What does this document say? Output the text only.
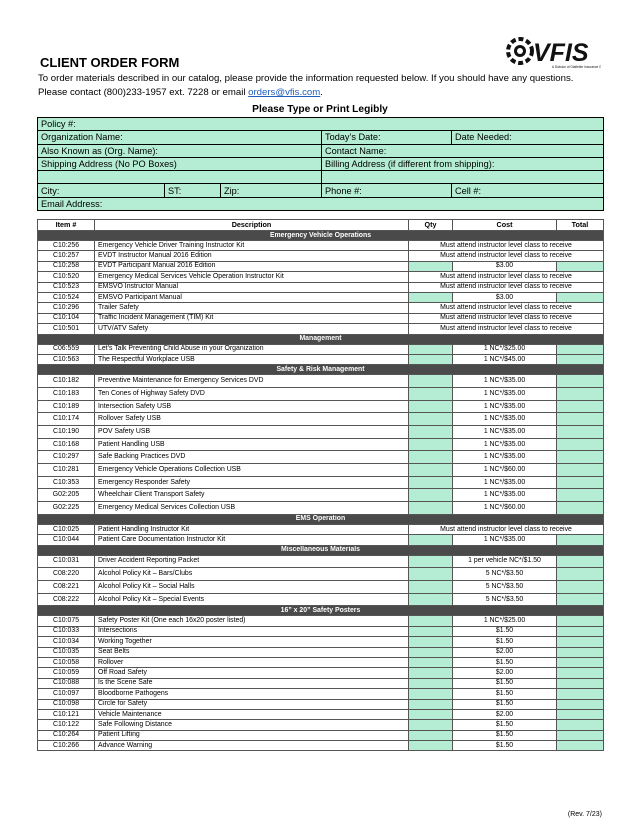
CLIENT ORDER FORM	VFIS
A Division of Glatfelter Insurance
To order materials described in our catalog, please provide the information requested below. If you should have any questions.
Please contact (800)233-1957 ext. 7228 or email orders@vfis.com.
Please Type or Print Legibly
Policy #:				
Organization Name:			Today’s Date:	Date Needed:
Also Known as (Org. Name):			Contact Name:	
Shipping Address (No PO Boxes)			Billing Address (if different from shipping):	

City:	ST:	Zip:	Phone #:	Cell #:
Email Address:				
Item #	Description	Qty	Cost	Total
Emergency Vehicle Operations				
C10:256	Emergency Vehicle Driver Training Instructor Kit	Must attend instructor level class to receive		
C10:257	EVDT Instructor Manual 2016 Edition	Must attend instructor level class to receive		
C10:258	EVDT Participant Manual 2016 Edition		$3.00	
C10:520	Emergency Medical Services Vehicle Operation Instructor Kit	Must attend instructor level class to receive		
C10:523	EMSVO Instructor Manual	Must attend instructor level class to receive		
C10:524	EMSVO Participant Manual		$3.00	
C10:296	Trailer Safety	Must attend instructor level class to receive		
C10:104	Traffic Incident Management (TIM) Kit	Must attend instructor level class to receive		
C10:501	UTV/ATV Safety	Must attend instructor level class to receive		
Management				
C06:559	Let’s Talk Preventing Child Abuse in your Organization		1 NC*/$25.00	
C10:563	The Respectful Workplace USB		1 NC*/$45.00	
Safety & Risk Management				
C10:182	Preventive Maintenance for Emergency Services DVD		1 NC*/$35.00	
C10:183	Ten Cones of Highway Safety DVD		1 NC*/$35.00	
C10:189	Intersection Safety USB		1 NC*/$35.00	
C10:174	Rollover Safety USB		1 NC*/$35.00	
C10:190	POV Safety USB		1 NC*/$35.00	
C10:168	Patient Handling USB		1 NC*/$35.00	
C10:297	Safe Backing Practices DVD		1 NC*/$35.00	
C10:281	Emergency Vehicle Operations Collection USB		1 NC*/$60.00	
C10:353	Emergency Responder Safety		1 NC*/$35.00	
G02:205	Wheelchair Client Transport Safety		1 NC*/$35.00	
G02:225	Emergency Medical Services Collection USB		1 NC*/$60.00	
EMS Operation				
C10:025	Patient Handling Instructor Kit	Must attend instructor level class to receive		
C10:044	Patient Care Documentation Instructor Kit		1 NC*/$35.00	
Miscellaneous Materials				
C10:031	Driver Accident Reporting Packet		1 per vehicle NC*/$1.50	
C08:220	Alcohol Policy Kit – Bars/Clubs		5 NC*/$3.50	
C08:221	Alcohol Policy Kit – Social Halls		5 NC*/$3.50	
C08:222	Alcohol Policy Kit – Special Events		5 NC*/$3.50	
16” x 20” Safety Posters				
C10:075	Safety Poster Kit (One each 16x20 poster listed)		1 NC*/$25.00	
C10:033	Intersections		$1.50	
C10:034	Working Together		$1.50	
C10:035	Seat Belts		$2.00	
C10:058	Rollover		$1.50	
C10:059	Off Road Safety		$2.00	
C10:088	Is the Scene Safe		$1.50	
C10:097	Bloodborne Pathogens		$1.50	
C10:098	Circle for Safety		$1.50	
C10:121	Vehicle Maintenance		$2.00	
C10:122	Safe Following Distance		$1.50	
C10:264	Patient Lifting		$1.50	
C10:266	Advance Warning		$1.50	
(Rev. 7/23)
